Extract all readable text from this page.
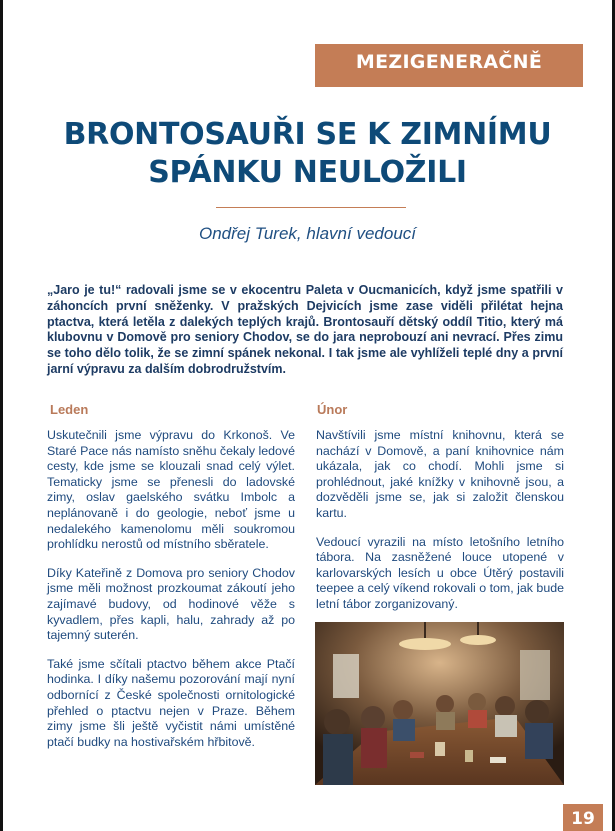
MEZIGENERAČNĚ
BRONTOSAUŘI SE K ZIMNÍMU
SPÁNKU NEULOŽILI
Ondřej Turek, hlavní vedoucí
„Jaro je tu!“ radovali jsme se v ekocentru Paleta v Oucmanicích, když jsme spatřili v záhoncích první sněženky. V pražských Dejvicích jsme zase viděli přilétat hejna ptactva, která letěla z dalekých teplých krajů. Brontosauří dětský oddíl Titio, který má klubovnu v Domově pro seniory Chodov, se do jara neprobouzí ani nevrací. Přes zimu se toho dělo tolik, že se zimní spánek nekonal. I tak jsme ale vyhlíželi teplé dny a první jarní výpravu za dalším dobrodružstvím.
Leden	Únor

Uskutečnili jsme výpravu do Krkonoš. Ve Staré Pace nás namísto sněhu čekaly ledové cesty, kde jsme se klouzali snad celý výlet. Tematicky jsme se přenesli do ladovské zimy, oslav gaelského svátku Imbolc a neplánovaně i do geologie, neboť jsme u nedalekého kamenolomu měli soukromou prohlídku nerostů od místního sběratele.

Díky Kateřině z Domova pro seniory Chodov jsme měli možnost prozkoumat zákoutí jeho zajímavé budovy, od hodinové věže s kyvadlem, přes kapli, halu, zahrady až po tajemný suterén.

Také jsme sčítali ptactvo během akce Ptačí hodinka. I díky našemu pozorování mají nyní odbornící z České společnosti ornitologické přehled o ptactvu nejen v Praze. Během zimy jsme šli ještě vyčistit námi umístěné ptačí budky na hostivařském hřbitově.

Navštívili jsme místní knihovnu, která se nachází v Domově, a paní knihovnice nám ukázala, jak co chodí. Mohli jsme si prohlédnout, jaké knížky v knihovně jsou, a dozvěděli jsme se, jak si založit členskou kartu.

Vedoucí vyrazili na místo letošního letního tábora. Na zasněžené louce utopené v karlovarských lesích u obce Útěrý postavili teepee a celý víkend rokovali o tom, jak bude letní tábor zorganizovaný.

19
